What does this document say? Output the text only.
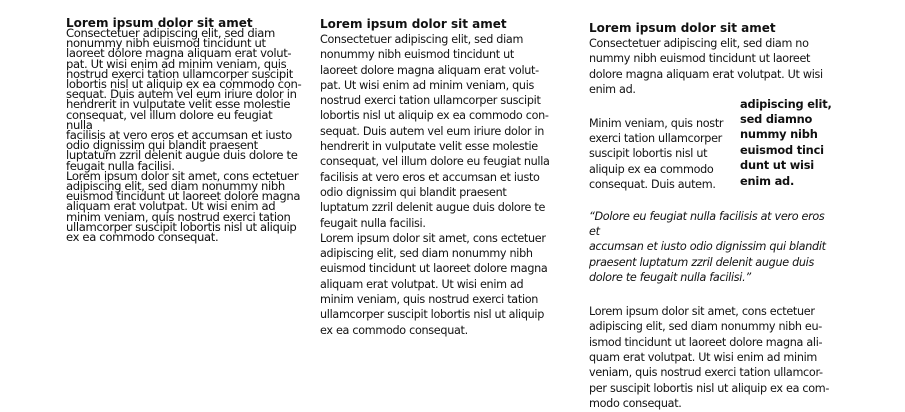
Lorem ipsum dolor sit amet

Consectetuer adipiscing elit, sed diam
nonummy nibh euismod tincidunt ut
laoreet dolore magna aliquam erat volut-
pat. Ut wisi enim ad minim veniam, quis
nostrud exerci tation ullamcorper suscipit
lobortis nisl ut aliquip ex ea commodo con-
sequat. Duis autem vel eum iriure dolor in
hendrerit in vulputate velit esse molestie
consequat, vel illum dolore eu feugiat nulla
facilisis at vero eros et accumsan et iusto
odio dignissim qui blandit praesent
luptatum zzril delenit augue duis dolore te
feugait nulla facilisi.
Lorem ipsum dolor sit amet, cons ectetuer
adipiscing elit, sed diam nonummy nibh
euismod tincidunt ut laoreet dolore magna
aliquam erat volutpat. Ut wisi enim ad
minim veniam, quis nostrud exerci tation
ullamcorper suscipit lobortis nisl ut aliquip
ex ea commodo consequat.

Lorem ipsum dolor sit amet

Consectetuer adipiscing elit, sed diam
nonummy nibh euismod tincidunt ut
laoreet dolore magna aliquam erat volut-
pat. Ut wisi enim ad minim veniam, quis
nostrud exerci tation ullamcorper suscipit
lobortis nisl ut aliquip ex ea commodo con-
sequat. Duis autem vel eum iriure dolor in
hendrerit in vulputate velit esse molestie
consequat, vel illum dolore eu feugiat nulla
facilisis at vero eros et accumsan et iusto
odio dignissim qui blandit praesent
luptatum zzril delenit augue duis dolore te
feugait nulla facilisi.
Lorem ipsum dolor sit amet, cons ectetuer
adipiscing elit, sed diam nonummy nibh
euismod tincidunt ut laoreet dolore magna
aliquam erat volutpat. Ut wisi enim ad
minim veniam, quis nostrud exerci tation
ullamcorper suscipit lobortis nisl ut aliquip
ex ea commodo consequat.

Lorem ipsum dolor sit amet

Consectetuer adipiscing elit, sed diam no
nummy nibh euismod tincidunt ut laoreet
dolore magna aliquam erat volutpat. Ut wisi
enim ad.

Minim veniam, quis nostr
exerci tation ullamcorper
suscipit lobortis nisl ut
aliquip ex ea commodo
consequat. Duis autem.

adipiscing elit,
sed diamno
nummy nibh
euismod tinci
dunt ut wisi
enim ad.

“Dolore eu feugiat nulla facilisis at vero eros et
accumsan et iusto odio dignissim qui blandit
praesent luptatum zzril delenit augue duis
dolore te feugait nulla facilisi.”

Lorem ipsum dolor sit amet, cons ectetuer
adipiscing elit, sed diam nonummy nibh eu-
ismod tincidunt ut laoreet dolore magna ali-
quam erat volutpat. Ut wisi enim ad minim
veniam, quis nostrud exerci tation ullamcor-
per suscipit lobortis nisl ut aliquip ex ea com-
modo consequat.
